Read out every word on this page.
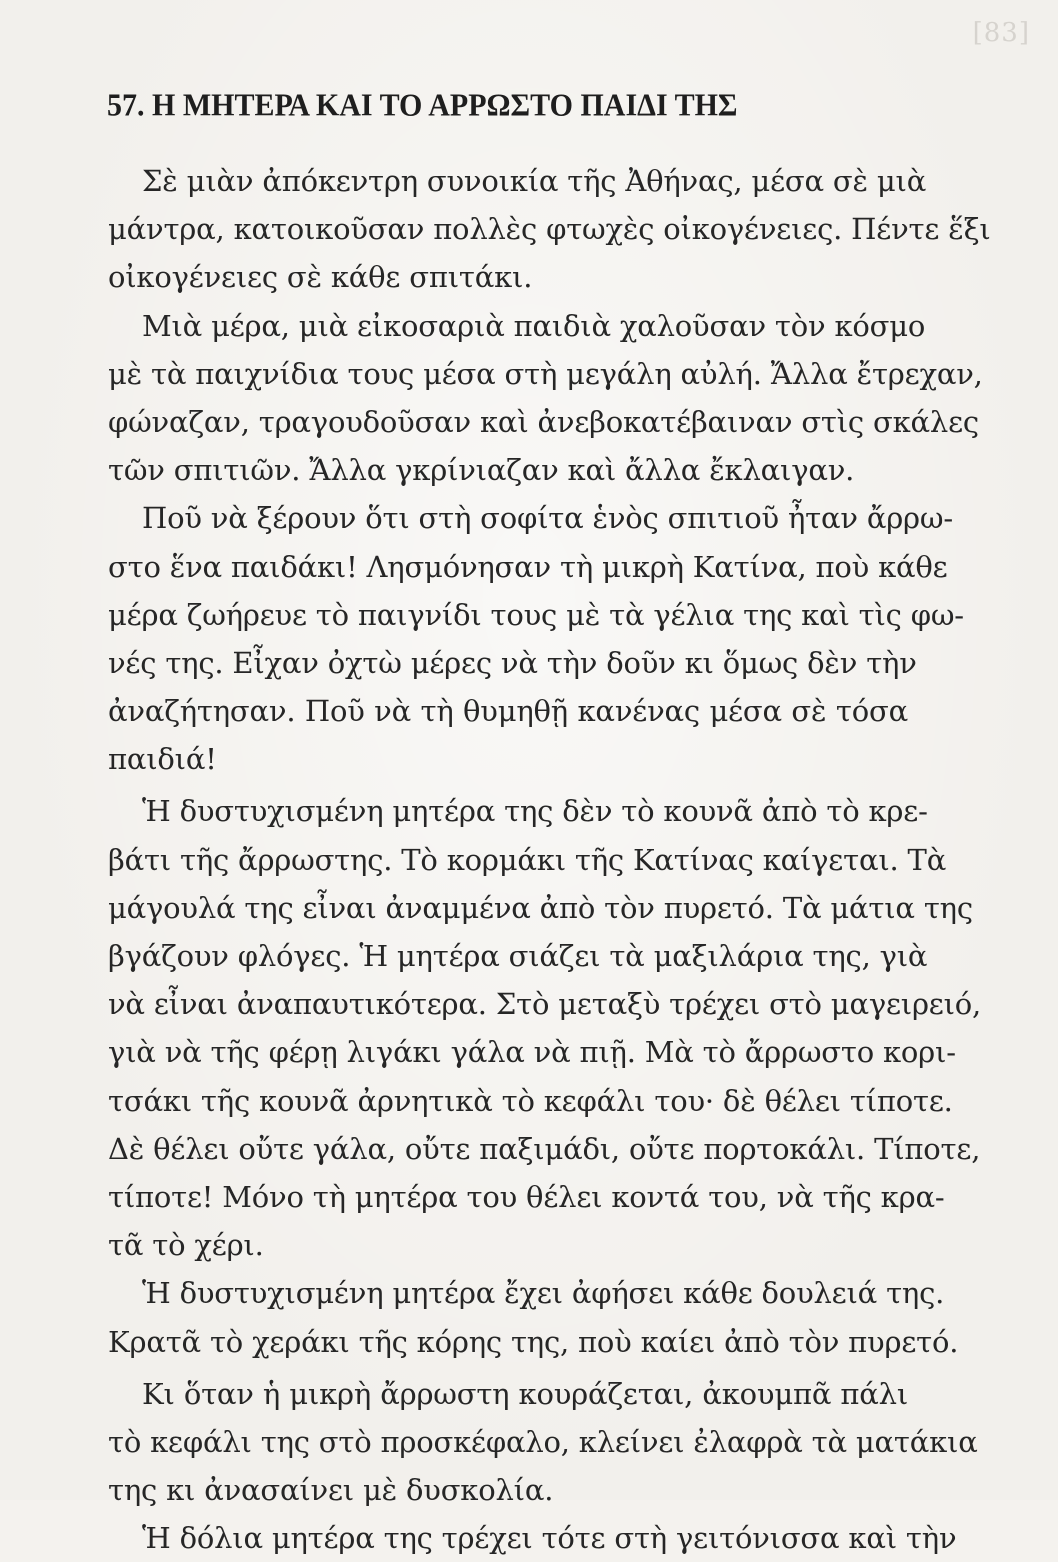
[83]
57. Η ΜΗΤΕΡΑ ΚΑΙ ΤΟ ΑΡΡΩΣΤΟ ΠΑΙΔΙ ΤΗΣ
Σὲ μιὰν ἀπόκεντρη συνοικία τῆς Ἀθήνας, μέσα σὲ μιὰ
μάντρα, κατοικοῦσαν πολλὲς φτωχὲς οἰκογένειες. Πέντε ἕξι
οἰκογένειες σὲ κάθε σπιτάκι.
Μιὰ μέρα, μιὰ εἰκοσαριὰ παιδιὰ χαλοῦσαν τὸν κόσμο
μὲ τὰ παιχνίδια τους μέσα στὴ μεγάλη αὐλή. Ἄλλα ἔτρεχαν,
φώναζαν, τραγουδοῦσαν καὶ ἀνεβοκατέβαιναν στὶς σκάλες
τῶν σπιτιῶν. Ἄλλα γκρίνιαζαν καὶ ἄλλα ἔκλαιγαν.
Ποῦ νὰ ξέρουν ὅτι στὴ σοφίτα ἑνὸς σπιτιοῦ ἦταν ἄρρω-
στο ἕνα παιδάκι! Λησμόνησαν τὴ μικρὴ Κατίνα, ποὺ κάθε
μέρα ζωήρευε τὸ παιγνίδι τους μὲ τὰ γέλια της καὶ τὶς φω-
νές της. Εἶχαν ὀχτὼ μέρες νὰ τὴν δοῦν κι ὅμως δὲν τὴν
ἀναζήτησαν. Ποῦ νὰ τὴ θυμηθῇ κανένας μέσα σὲ τόσα
παιδιά!
Ἡ δυστυχισμένη μητέρα της δὲν τὸ κουνᾶ ἀπὸ τὸ κρε-
βάτι τῆς ἄρρωστης. Τὸ κορμάκι τῆς Κατίνας καίγεται. Τὰ
μάγουλά της εἶναι ἀναμμένα ἀπὸ τὸν πυρετό. Τὰ μάτια της
βγάζουν φλόγες. Ἡ μητέρα σιάζει τὰ μαξιλάρια της, γιὰ
νὰ εἶναι ἀναπαυτικότερα. Στὸ μεταξὺ τρέχει στὸ μαγειρειό,
γιὰ νὰ τῆς φέρῃ λιγάκι γάλα νὰ πιῇ. Μὰ τὸ ἄρρωστο κορι-
τσάκι τῆς κουνᾶ ἀρνητικὰ τὸ κεφάλι του· δὲ θέλει τίποτε.
Δὲ θέλει οὔτε γάλα, οὔτε παξιμάδι, οὔτε πορτοκάλι. Τίποτε,
τίποτε! Μόνο τὴ μητέρα του θέλει κοντά του, νὰ τῆς κρα-
τᾶ τὸ χέρι.
Ἡ δυστυχισμένη μητέρα ἔχει ἀφήσει κάθε δουλειά της.
Κρατᾶ τὸ χεράκι τῆς κόρης της, ποὺ καίει ἀπὸ τὸν πυρετό.
Κι ὅταν ἡ μικρὴ ἄρρωστη κουράζεται, ἀκουμπᾶ πάλι
τὸ κεφάλι της στὸ προσκέφαλο, κλείνει ἐλαφρὰ τὰ ματάκια
της κι ἀνασαίνει μὲ δυσκολία.
Ἡ δόλια μητέρα της τρέχει τότε στὴ γειτόνισσα καὶ τὴν
